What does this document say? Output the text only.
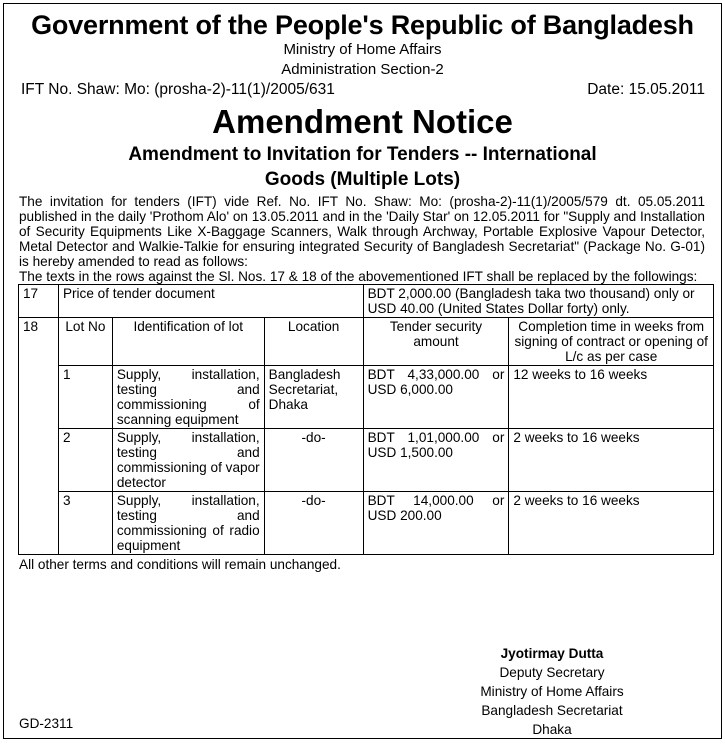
Government of the People's Republic of Bangladesh
Ministry of Home Affairs
Administration Section-2
IFT No. Shaw: Mo: (prosha-2)-11(1)/2005/631	Date: 15.05.2011
Amendment Notice
Amendment to Invitation for Tenders -- International
Goods (Multiple Lots)

The invitation for tenders (IFT) vide Ref. No. IFT No. Shaw: Mo: (prosha-2)-11(1)/2005/579 dt. 05.05.2011 published in the daily 'Prothom Alo' on 13.05.2011 and in the 'Daily Star' on 12.05.2011 for "Supply and Installation of Security Equipments Like X-Baggage Scanners, Walk through Archway, Portable Explosive Vapour Detector, Metal Detector and Walkie-Talkie for ensuring integrated Security of Bangladesh Secretariat" (Package No. G-01) is hereby amended to read as follows:

The texts in the rows against the Sl. Nos. 17 & 18 of the abovementioned IFT shall be replaced by the followings:

17	Price of tender document			BDT 2,000.00 (Bangladesh taka two thousand) only or USD 40.00 (United States Dollar forty) only.	
18	Lot No	Identification of lot	Location	Tender security amount	Completion time in weeks from signing of contract or opening of L/c as per case
	1	Supply, installation, testing and commissioning of scanning equipment	Bangladesh Secretariat, Dhaka	BDT 4,33,000.00 or USD 6,000.00	12 weeks to 16 weeks
	2	Supply, installation, testing and commissioning of vapor detector	-do-	BDT 1,01,000.00 or USD 1,500.00	2 weeks to 16 weeks
	3	Supply, installation, testing and commissioning of radio equipment	-do-	BDT 14,000.00 or USD 200.00	2 weeks to 16 weeks
All other terms and conditions will remain unchanged.
Jyotirmay Dutta
Deputy Secretary
Ministry of Home Affairs
Bangladesh Secretariat
Dhaka
GD-2311
